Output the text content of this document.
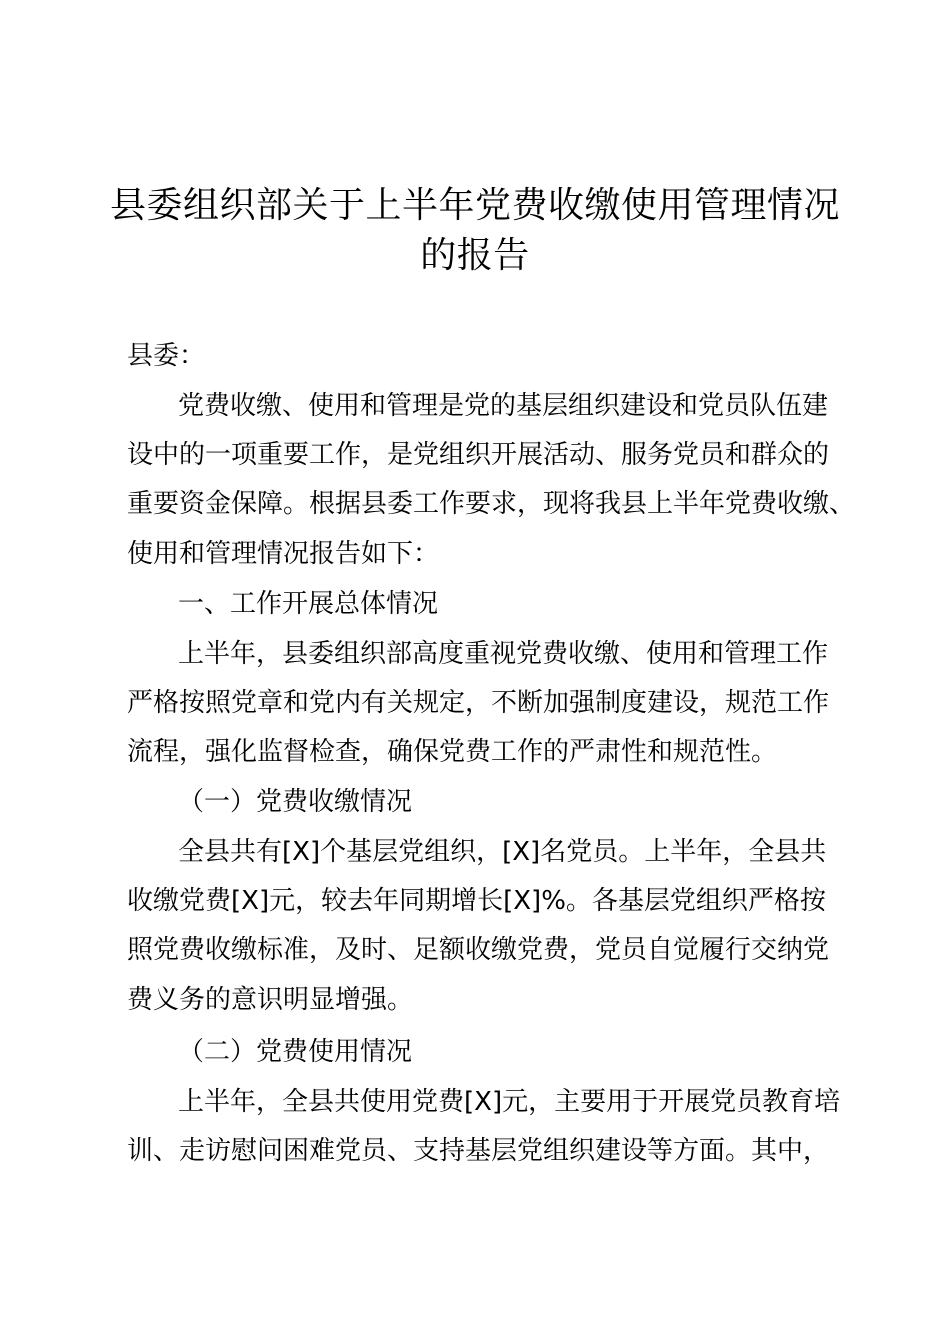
县委组织部关于上半年党费收缴使用管理情况
的报告
县委：
党费收缴、使用和管理是党的基层组织建设和党员队伍建
设中的一项重要工作，是党组织开展活动、服务党员和群众的
重要资金保障。根据县委工作要求，现将我县上半年党费收缴、
使用和管理情况报告如下：
一、工作开展总体情况
上半年，县委组织部高度重视党费收缴、使用和管理工作
严格按照党章和党内有关规定，不断加强制度建设，规范工作
流程，强化监督检查，确保党费工作的严肃性和规范性。
（一）党费收缴情况
全县共有[X]个基层党组织，[X]名党员。上半年，全县共
收缴党费[X]元，较去年同期增长[X]%。各基层党组织严格按
照党费收缴标准，及时、足额收缴党费，党员自觉履行交纳党
费义务的意识明显增强。
（二）党费使用情况
上半年，全县共使用党费[X]元，主要用于开展党员教育培
训、走访慰问困难党员、支持基层党组织建设等方面。其中，
